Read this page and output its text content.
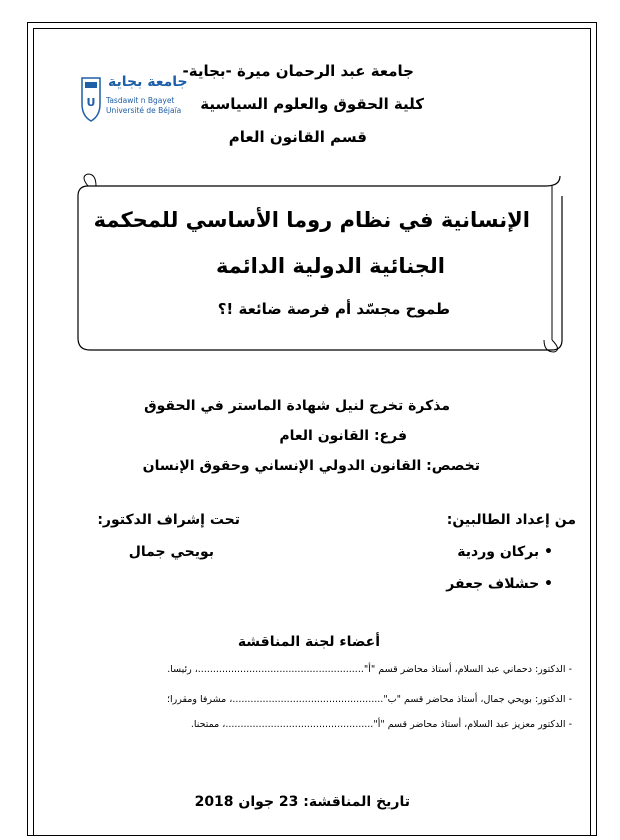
U
جامعة بجاية
Tasdawit n Bgayet
Université de Béjaïa
جامعة عبد الرحمان ميرة -بجاية-
كلية الحقوق والعلوم السياسية
قسم القانون العام
الإنسانية في نظام روما الأساسي للمحكمة
الجنائية الدولية الدائمة
طموح مجسّد أم فرصة ضائعة !؟
مذكرة تخرج لنيل شهادة الماستر في الحقوق
فرع: القانون العام
تخصص: القانون الدولي الإنساني وحقوق الإنسان
من إعداد الطالبين:
• بركان وردية
• حشلاف جعفر
تحت إشراف الدكتور:
بويحي جمال
أعضاء لجنة المناقشة
- الدكتور: دحماني عبد السلام، أستاذ محاضر قسم "أ".......................................................، رئيسا.
- الدكتور: بويحي جمال، أستاذ محاضر قسم "ب"..................................................، مشرفا ومقررا؛
- الدكتور معزيز عبد السلام، أستاذ محاضر قسم "أ".................................................، ممتحنا.
تاريخ المناقشة: 23 جوان 2018
